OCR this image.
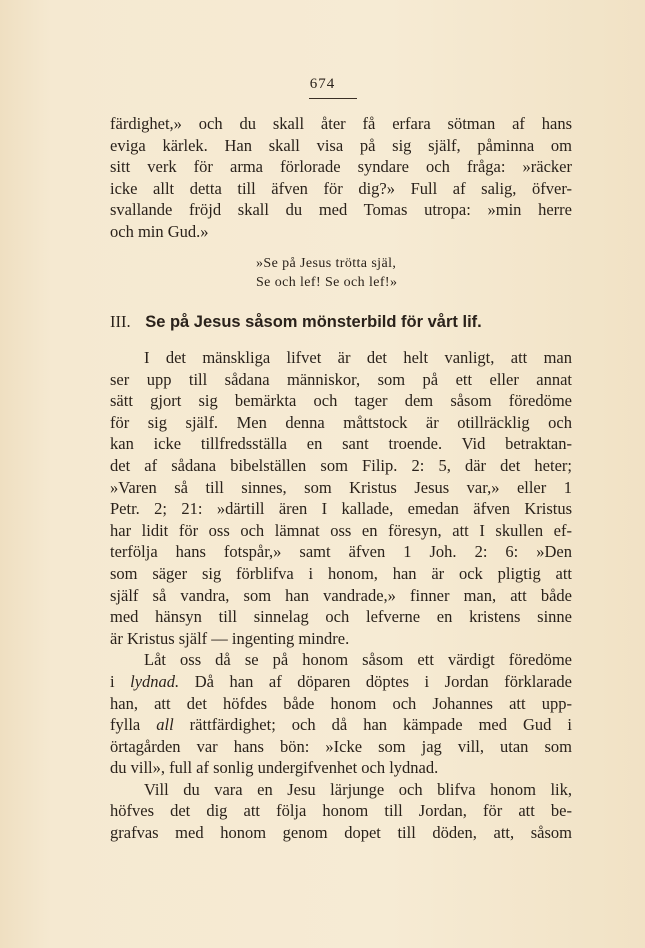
674
färdighet,» och du skall åter få erfara sötman af hans
eviga kärlek. Han skall visa på sig själf, påminna om
sitt verk för arma förlorade syndare och fråga: »räcker
icke allt detta till äfven för dig?» Full af salig, öfver-
svallande fröjd skall du med Tomas utropa: »min herre
och min Gud.»
»Se på Jesus trötta själ,
Se och lef! Se och lef!»
III. Se på Jesus såsom mönsterbild för vårt lif.
I det mänskliga lifvet är det helt vanligt, att man
ser upp till sådana människor, som på ett eller annat
sätt gjort sig bemärkta och tager dem såsom föredöme
för sig själf. Men denna måttstock är otillräcklig och
kan icke tillfredsställa en sant troende. Vid betraktan-
det af sådana bibelställen som Filip. 2: 5, där det heter;
»Varen så till sinnes, som Kristus Jesus var,» eller 1
Petr. 2; 21: »därtill ären I kallade, emedan äfven Kristus
har lidit för oss och lämnat oss en föresyn, att I skullen ef-
terfölja hans fotspår,» samt äfven 1 Joh. 2: 6: »Den
som säger sig förblifva i honom, han är ock pligtig att
själf så vandra, som han vandrade,» finner man, att både
med hänsyn till sinnelag och lefverne en kristens sinne
är Kristus själf — ingenting mindre.
Låt oss då se på honom såsom ett värdigt föredöme
i lydnad. Då han af döparen döptes i Jordan förklarade
han, att det höfdes både honom och Johannes att upp-
fylla all rättfärdighet; och då han kämpade med Gud i
örtagården var hans bön: »Icke som jag vill, utan som
du vill», full af sonlig undergifvenhet och lydnad.
Vill du vara en Jesu lärjunge och blifva honom lik,
höfves det dig att följa honom till Jordan, för att be-
grafvas med honom genom dopet till döden, att, såsom
